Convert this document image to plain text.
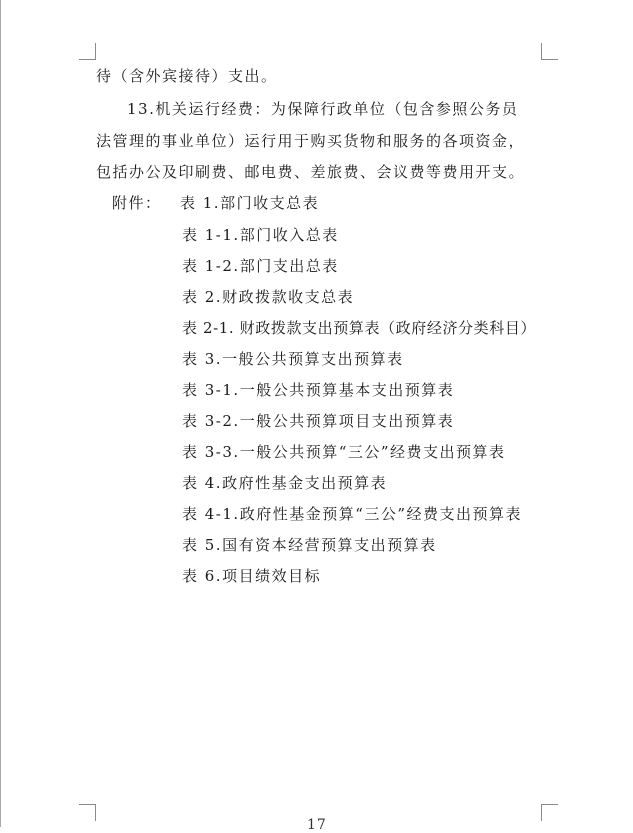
待（含外宾接待）支出。
13.机关运行经费：为保障行政单位（包含参照公务员
法管理的事业单位）运行用于购买货物和服务的各项资金，
包括办公及印刷费、邮电费、差旅费、会议费等费用开支。
附件： 表 1.部门收支总表
表 1-1.部门收入总表
表 1-2.部门支出总表
表 2.财政拨款收支总表
表 2-1. 财政拨款支出预算表（政府经济分类科目）
表 3.一般公共预算支出预算表
表 3-1.一般公共预算基本支出预算表
表 3-2.一般公共预算项目支出预算表
表 3-3.一般公共预算“三公”经费支出预算表
表 4.政府性基金支出预算表
表 4-1.政府性基金预算“三公”经费支出预算表
表 5.国有资本经营预算支出预算表
表 6.项目绩效目标
17
